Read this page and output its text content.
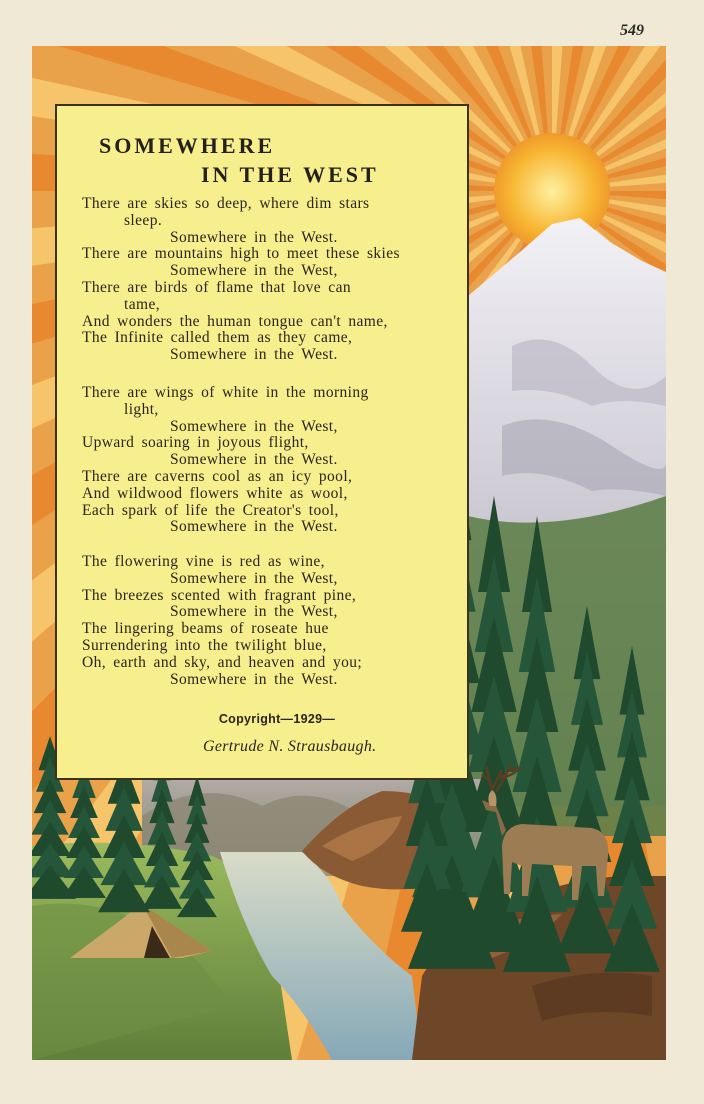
549
SOMEWHERE
IN THE WEST
There are skies so deep, where dim stars
sleep.
Somewhere in the West.
There are mountains high to meet these skies
Somewhere in the West,
There are birds of flame that love can
tame,
And wonders the human tongue can't name,
The Infinite called them as they came,
Somewhere in the West.
There are wings of white in the morning
light,
Somewhere in the West,
Upward soaring in joyous flight,
Somewhere in the West.
There are caverns cool as an icy pool,
And wildwood flowers white as wool,
Each spark of life the Creator's tool,
Somewhere in the West.
The flowering vine is red as wine,
Somewhere in the West,
The breezes scented with fragrant pine,
Somewhere in the West,
The lingering beams of roseate hue
Surrendering into the twilight blue,
Oh, earth and sky, and heaven and you;
Somewhere in the West.
Copyright—1929—
Gertrude N. Strausbaugh.
